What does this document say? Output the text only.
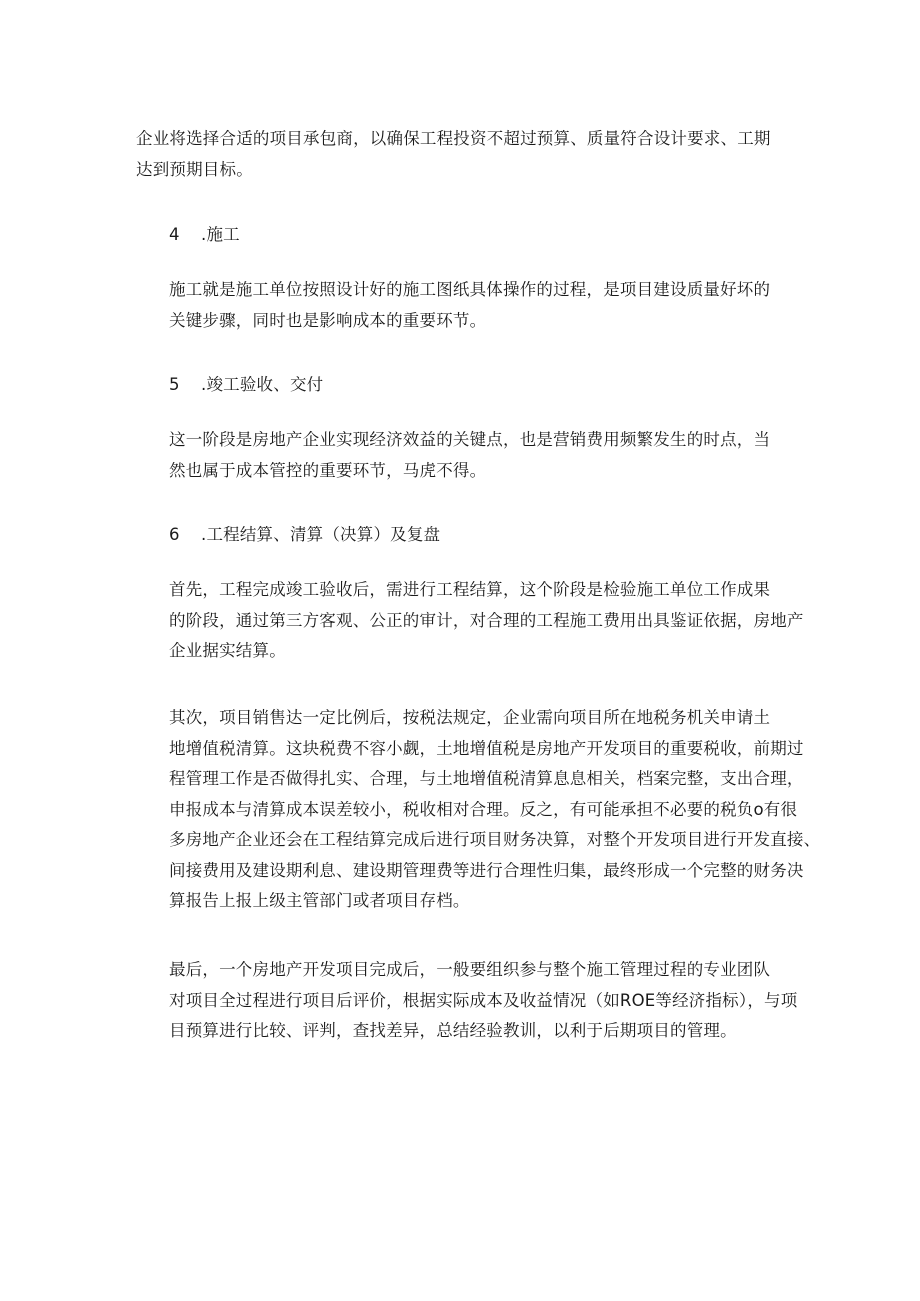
企业将选择合适的项目承包商，以确保工程投资不超过预算、质量符合设计要求、工期
达到预期目标。

4 .施工

施工就是施工单位按照设计好的施工图纸具体操作的过程，是项目建设质量好坏的
关键步骤，同时也是影响成本的重要环节。

5 .竣工验收、交付

这一阶段是房地产企业实现经济效益的关键点，也是营销费用频繁发生的时点，当
然也属于成本管控的重要环节，马虎不得。

6 .工程结算、清算（决算）及复盘

首先，工程完成竣工验收后，需进行工程结算，这个阶段是检验施工单位工作成果
的阶段，通过第三方客观、公正的审计，对合理的工程施工费用出具鉴证依据，房地产
企业据实结算。

其次，项目销售达一定比例后，按税法规定，企业需向项目所在地税务机关申请土
地增值税清算。这块税费不容小觑，土地增值税是房地产开发项目的重要税收，前期过
程管理工作是否做得扎实、合理，与土地增值税清算息息相关，档案完整，支出合理，
申报成本与清算成本误差较小，税收相对合理。反之，有可能承担不必要的税负o有很
多房地产企业还会在工程结算完成后进行项目财务决算，对整个开发项目进行开发直接、
间接费用及建设期利息、建设期管理费等进行合理性归集，最终形成一个完整的财务决
算报告上报上级主管部门或者项目存档。

最后，一个房地产开发项目完成后，一般要组织参与整个施工管理过程的专业团队
对项目全过程进行项目后评价，根据实际成本及收益情况（如ROE等经济指标），与项
目预算进行比较、评判，查找差异，总结经验教训，以利于后期项目的管理。
